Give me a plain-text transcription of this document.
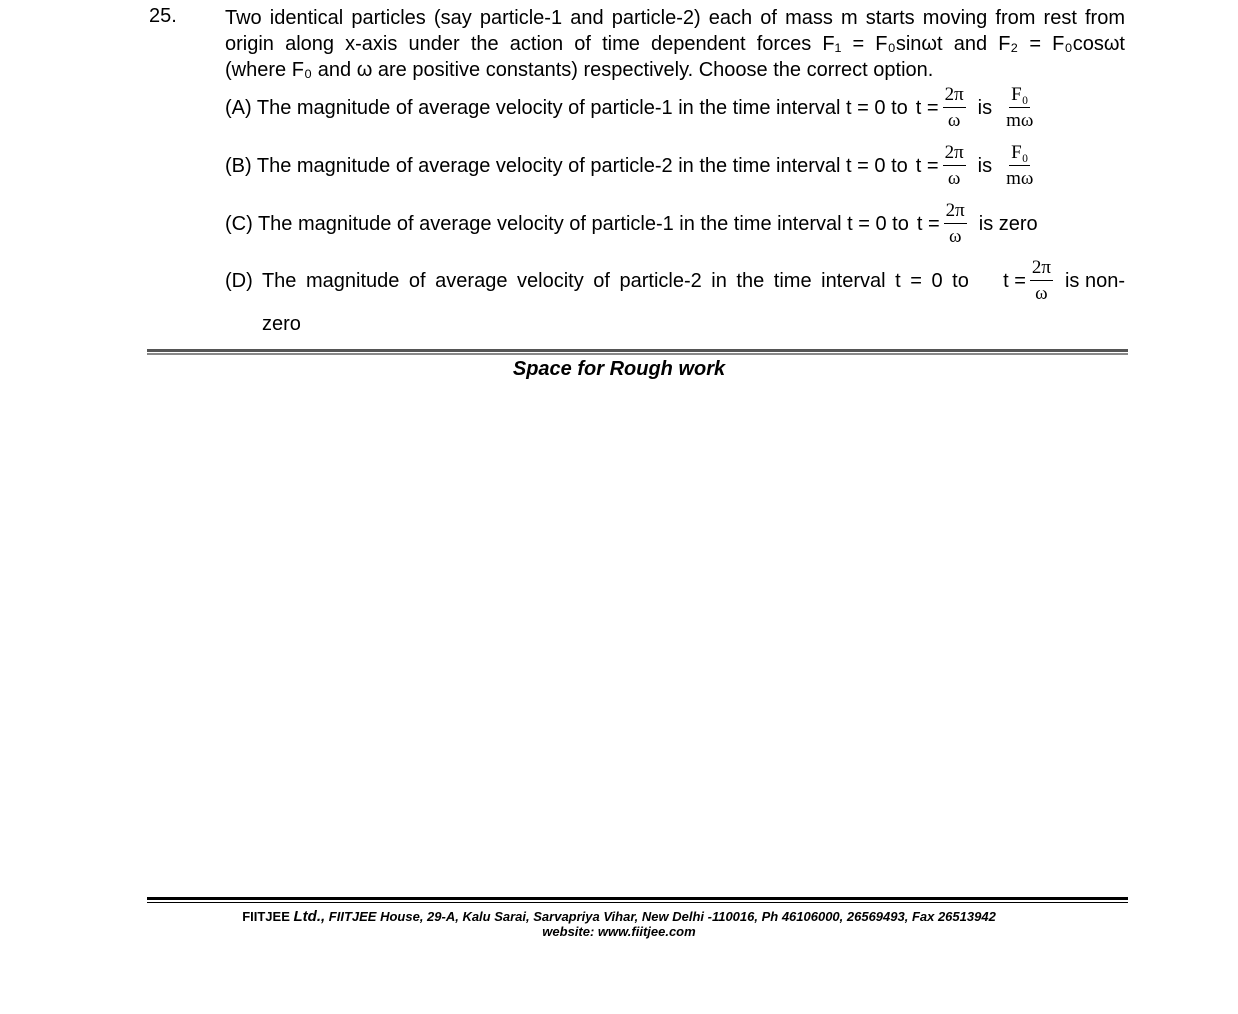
25. Two identical particles (say particle-1 and particle-2) each of mass m starts moving from rest from
origin along x-axis under the action of time dependent forces F₁ = F₀sinωt and F₂ = F₀cosωt
(where F₀ and ω are positive constants) respectively. Choose the correct option.
(A) The magnitude of average velocity of particle-1 in the time interval t = 0 to $t = \frac{2\pi}{\omega}$ is $\frac{\text{F₀}}{m\omega}$
(B) The magnitude of average velocity of particle-2 in the time interval t = 0 to $t = \frac{2\pi}{\omega}$ is $\frac{\text{F₀}}{m\omega}$
(C) The magnitude of average velocity of particle-1 in the time interval t = 0 to $t = \frac{2\pi}{\omega}$ is zero
(D) The magnitude of average velocity of particle-2 in the time interval t = 0 to $t = \frac{2\pi}{\omega}$ is non-
zero
Space for Rough work
FIITJEE Ltd., FIITJEE House, 29-A, Kalu Sarai, Sarvapriya Vihar, New Delhi -110016, Ph 46106000, 26569493, Fax 26513942
website: www.fiitjee.com
